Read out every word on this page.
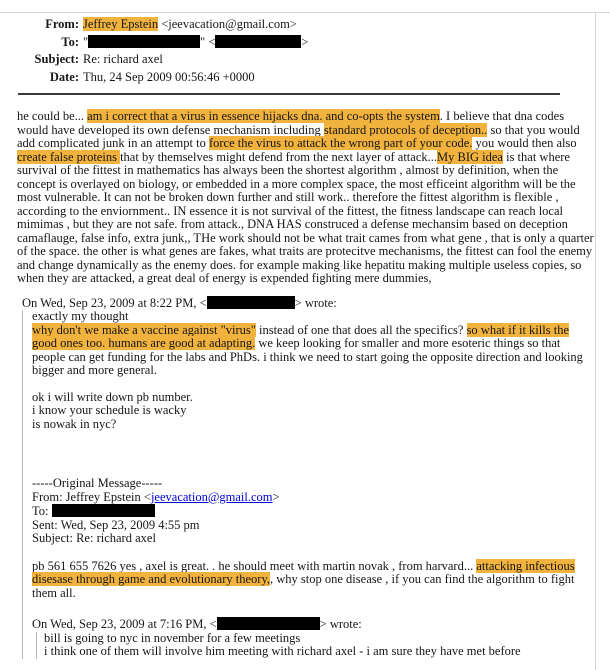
From: Jeffrey Epstein <jeevacation@gmail.com>
To: "	" <	>
Subject: Re: richard axel
Date: Thu, 24 Sep 2009 00:56:46 +0000

he could be... am i correct that a virus in essence hijacks dna. and co-opts the system. I believe that dna codes would have developed its own defense mechanism including standard protocols of deception.. so that you would add complicated junk in an attempt to force the virus to attack the wrong part of your code. you would then also create false proteins that by themselves might defend from the next layer of attack...My BIG idea is that where survival of the fittest in mathematics has always been the shortest algorithm , almost by definition, when the concept is overlayed on biology, or embedded in a more complex space, the most efficeint algorithm will be the most vulnerable. It can not be broken down further and still work.. therefore the fittest algorithm is flexible , according to the enviornment.. IN essence it is not survival of the fittest, the fitness landscape can reach local mimimas , but they are not safe. from attack., DNA HAS construced a defense mechansim based on deception camaflauge, false info, extra junk,, THe work should not be what trait cames from what gene , that is only a quarter of the space. the other is what genes are fakes, what traits are protecitve mechanisms, the fittest can fool the enemy and change dynamically as the enemy does. for example making like hepatitu making multiple useless copies, so when they are attacked, a great deal of energy is expended fighting mere dummies,

On Wed, Sep 23, 2009 at 8:22 PM, <	> wrote:

exactly my thought
why don't we make a vaccine against "virus" instead of one that does all the specifics? so what if it kills the good ones too. humans are good at adapting. we keep looking for smaller and more esoteric things so that people can get funding for the labs and PhDs. i think we need to start going the opposite direction and looking bigger and more general.

ok i will write down pb number.
i know your schedule is wacky
is nowak in nyc?

-----Original Message-----
From: Jeffrey Epstein <jeevacation@gmail.com>
To:
Sent: Wed, Sep 23, 2009 4:55 pm
Subject: Re: richard axel

pb 561 655 7626 yes , axel is great. . he should meet with martin novak , from harvard... attacking infectious disesase through game and evolutionary theory,, why stop one disease , if you can find the algorithm to fight them all.

On Wed, Sep 23, 2009 at 7:16 PM, <	> wrote:

bill is going to nyc in november for a few meetings
i think one of them will involve him meeting with richard axel - i am sure they have met before
